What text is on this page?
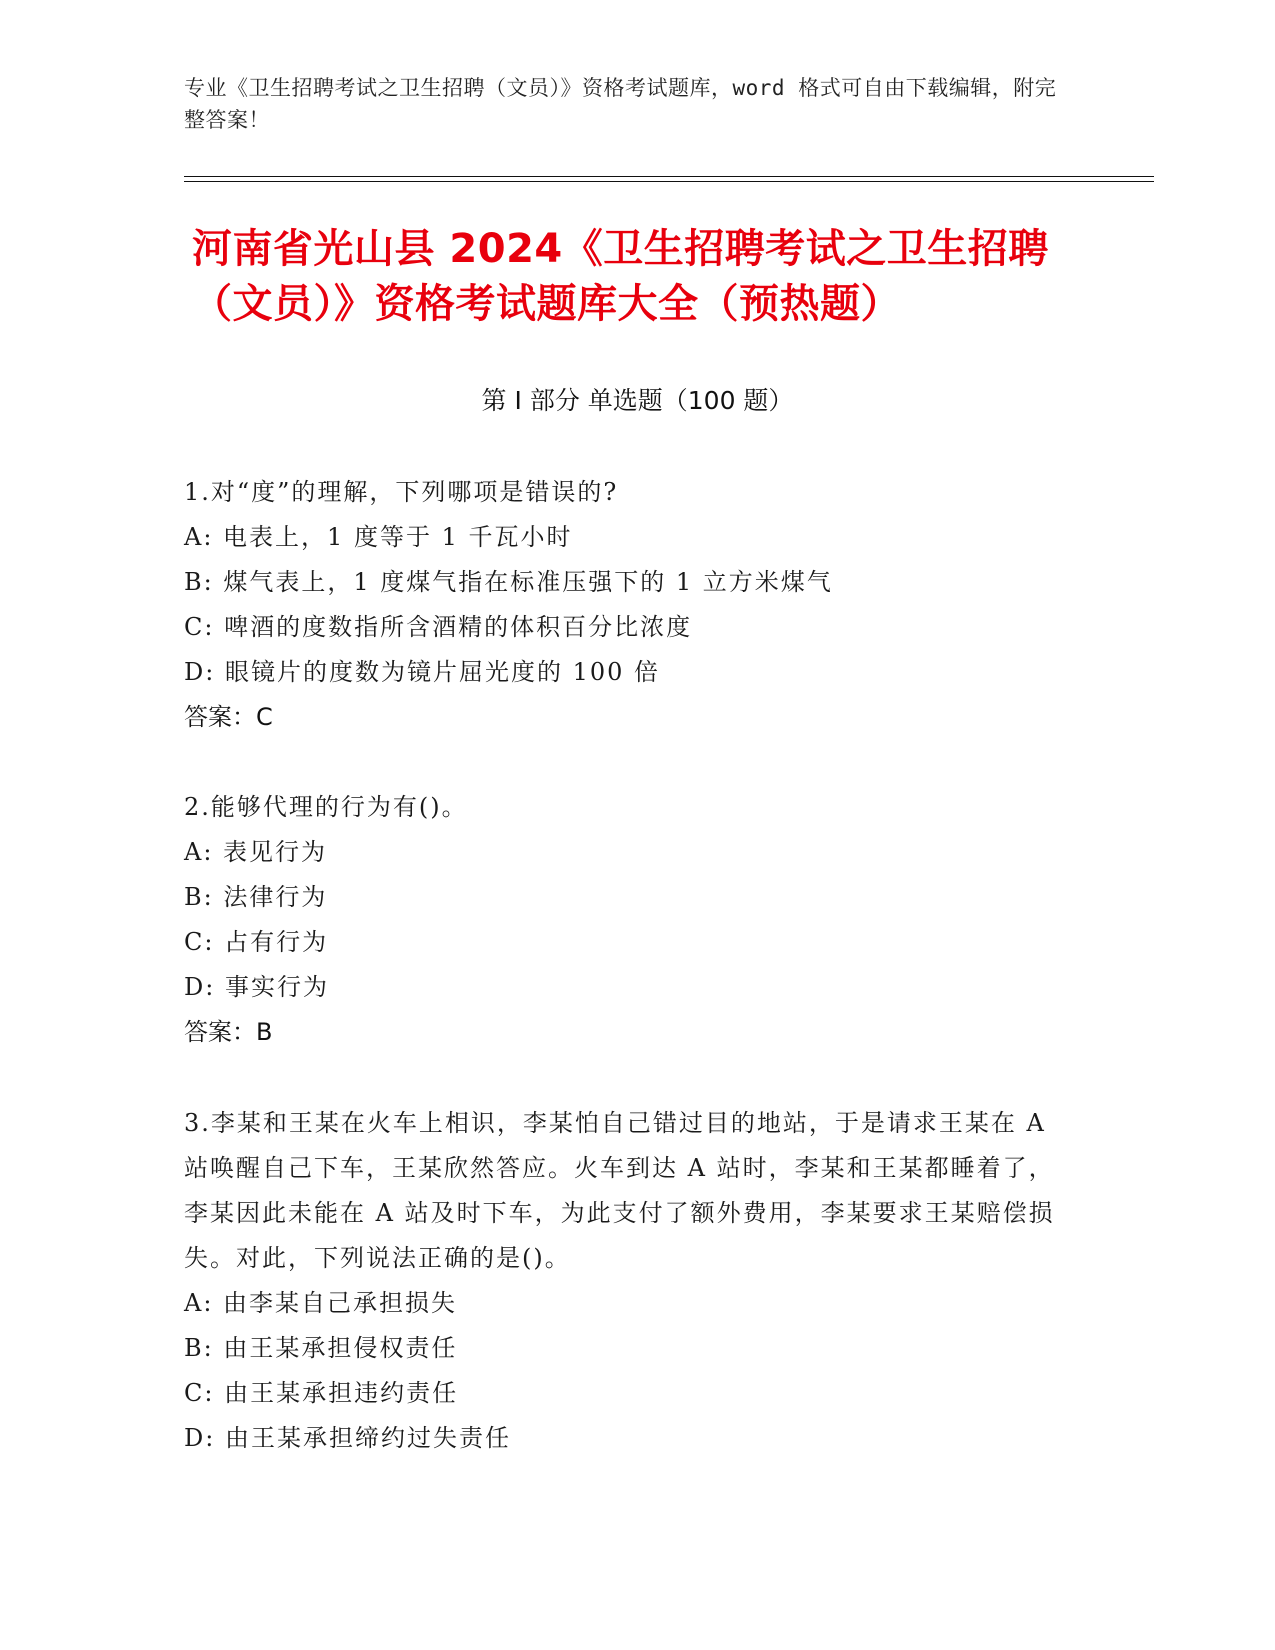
专业《卫生招聘考试之卫生招聘（文员）》资格考试题库，word 格式可自由下载编辑，附完整答案！
河南省光山县 2024《卫生招聘考试之卫生招聘（文员）》资格考试题库大全（预热题）
第 I 部分 单选题（100 题）
1.对“度”的理解，下列哪项是错误的?
A: 电表上，1 度等于 1 千瓦小时
B: 煤气表上，1 度煤气指在标准压强下的 1 立方米煤气
C: 啤酒的度数指所含酒精的体积百分比浓度
D: 眼镜片的度数为镜片屈光度的 100 倍
答案：C
2.能够代理的行为有()。
A: 表见行为
B: 法律行为
C: 占有行为
D: 事实行为
答案：B
3.李某和王某在火车上相识，李某怕自己错过目的地站，于是请求王某在 A 站唤醒自己下车，王某欣然答应。火车到达 A 站时，李某和王某都睡着了，李某因此未能在 A 站及时下车，为此支付了额外费用，李某要求王某赔偿损失。对此，下列说法正确的是()。
A: 由李某自己承担损失
B: 由王某承担侵权责任
C: 由王某承担违约责任
D: 由王某承担缔约过失责任
